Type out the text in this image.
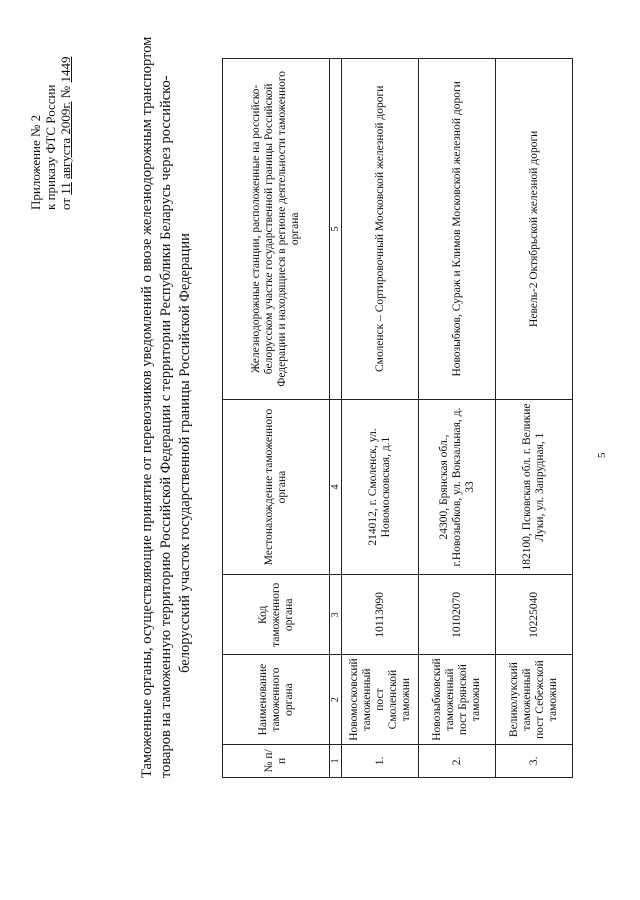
5
Приложение № 2 к приказу ФТС России от 11 августа 2009г. № 1449	Таможенные органы, осуществляющие принятие от перевозчиков уведомлений о ввозе железнодорожным транспортом товаров на таможенную территорию Российской Федерации с территории Республики Беларусь через российско- белорусский участок государственной границы Российской Федерации
№ п/п	Наименование таможенного органа	Код таможенного органа	Местонахождение таможенного органа	Железнодорожные станции, расположенные на российско-белорусском участке государственной границы Российской Федерации и находящиеся в регионе деятельности таможенного органа
1	2	3	4	5
1.	Новомосковский таможенный пост Смоленской таможни	10113090	214012, г. Смоленск, ул. Новомосковская, д.1	Смоленск – Сортировочный Московской железной дороги
2.	Новозыбковский таможенный пост Брянской таможни	10102070	24300, Брянская обл., г.Новозыбков, ул. Вокзальная, д. 33	Новозыбков, Сураж и Климов Московской железной дороги
3.	Великолукский таможенный пост Себежской таможни	10225040	182100, Псковская обл. г. Великие Луки, ул. Запрудная, 1	Невель-2 Октябрьской железной дороги
